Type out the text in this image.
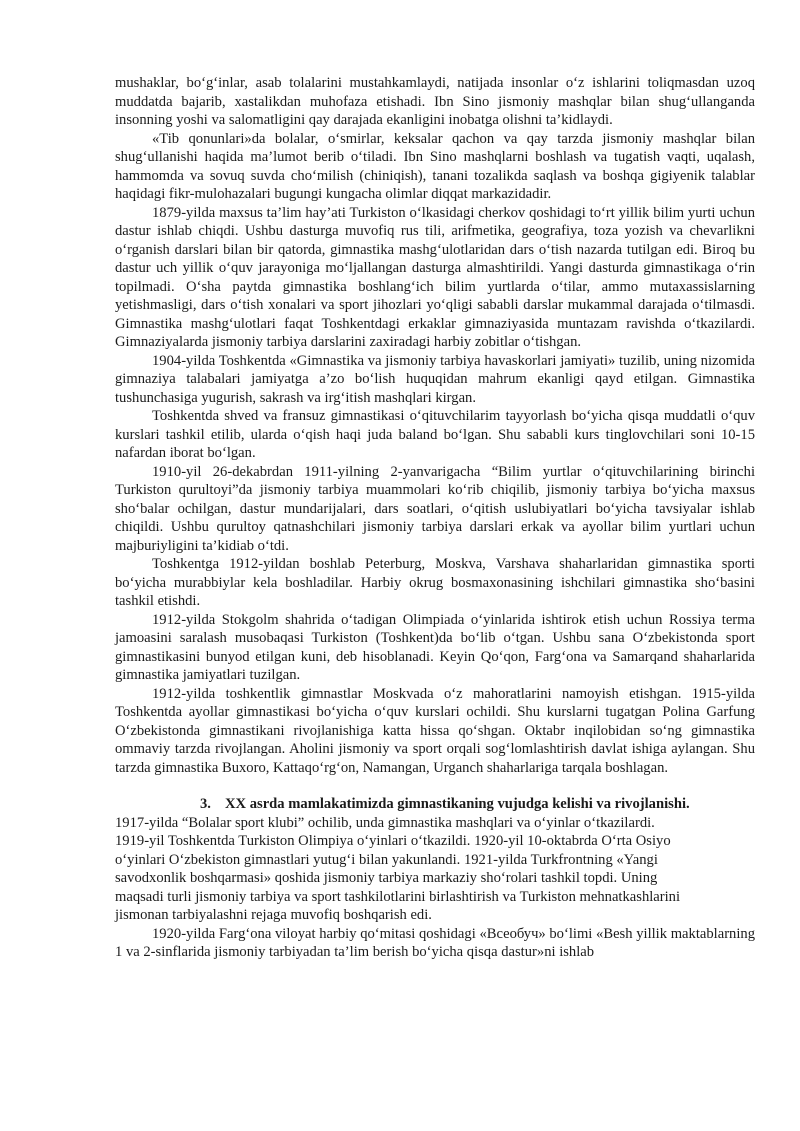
mushaklar, bo‘g‘inlar, asab tolalarini mustahkamlaydi, natijada insonlar o‘z ishlarini toliqmasdan uzoq muddatda bajarib, xastalikdan muhofaza etishadi. Ibn Sino jismoniy mashqlar bilan shug‘ullanganda insonning yoshi va salomatligini qay darajada ekanligini inobatga olishni ta’kidlaydi.

«Tib qonunlari»da bolalar, o‘smirlar, keksalar qachon va qay tarzda jismoniy mashqlar bilan shug‘ullanishi haqida ma’lumot berib o‘tiladi. Ibn Sino mashqlarni boshlash va tugatish vaqti, uqalash, hammomda va sovuq suvda cho‘milish (chiniqish), tanani tozalikda saqlash va boshqa gigiyenik talablar haqidagi fikr-mulohazalari bugungi kungacha olimlar diqqat markazidadir.

1879-yilda maxsus ta’lim hay’ati Turkiston o‘lkasidagi cherkov qoshidagi to‘rt yillik bilim yurti uchun dastur ishlab chiqdi. Ushbu dasturga muvofiq rus tili, arifmetika, geografiya, toza yozish va chevarlikni o‘rganish darslari bilan bir qatorda, gimnastika mashg‘ulotlaridan dars o‘tish nazarda tutilgan edi. Biroq bu dastur uch yillik o‘quv jarayoniga mo‘ljallangan dasturga almashtirildi. Yangi dasturda gimnastikaga o‘rin topilmadi. O‘sha paytda gimnastika boshlang‘ich bilim yurtlarda o‘tilar, ammo mutaxassislarning yetishmasligi, dars o‘tish xonalari va sport jihozlari yo‘qligi sababli darslar mukammal darajada o‘tilmasdi. Gimnastika mashg‘ulotlari faqat Toshkentdagi erkaklar gimnaziyasida muntazam ravishda o‘tkazilardi. Gimnaziyalarda jismoniy tarbiya darslarini zaxiradagi harbiy zobitlar o‘tishgan.

1904-yilda Toshkentda «Gimnastika va jismoniy tarbiya havaskorlari jamiyati» tuzilib, uning nizomida gimnaziya talabalari jamiyatga a’zo bo‘lish huquqidan mahrum ekanligi qayd etilgan. Gimnastika tushunchasiga yugurish, sakrash va irg‘itish mashqlari kirgan.

Toshkentda shved va fransuz gimnastikasi o‘qituvchilarim tayyorlash bo‘yicha qisqa muddatli o‘quv kurslari tashkil etilib, ularda o‘qish haqi juda baland bo‘lgan. Shu sababli kurs tinglovchilari soni 10-15 nafardan iborat bo‘lgan.

1910-yil 26-dekabrdan 1911-yilning 2-yanvarigacha “Bilim yurtlar o‘qituvchilarining birinchi Turkiston qurultoyi”da jismoniy tarbiya muammolari ko‘rib chiqilib, jismoniy tarbiya bo‘yicha maxsus sho‘balar ochilgan, dastur mundarijalari, dars soatlari, o‘qitish uslubiyatlari bo‘yicha tavsiyalar ishlab chiqildi. Ushbu qurultoy qatnashchilari jismoniy tarbiya darslari erkak va ayollar bilim yurtlari uchun majburiyligini ta’kidiab o‘tdi.

Toshkentga 1912-yildan boshlab Peterburg, Moskva, Varshava shaharlaridan gimnastika sporti bo‘yicha murabbiylar kela boshladilar. Harbiy okrug bosmaxonasining ishchilari gimnastika sho‘basini tashkil etishdi.

1912-yilda Stokgolm shahrida o‘tadigan Olimpiada o‘yinlarida ishtirok etish uchun Rossiya terma jamoasini saralash musobaqasi Turkiston (Toshkent)da bo‘lib o‘tgan. Ushbu sana O‘zbekistonda sport gimnastikasini bunyod etilgan kuni, deb hisoblanadi. Keyin Qo‘qon, Farg‘ona va Samarqand shaharlarida gimnastika jamiyatlari tuzilgan.

1912-yilda toshkentlik gimnastlar Moskvada o‘z mahoratlarini namoyish etishgan. 1915-yilda Toshkentda ayollar gimnastikasi bo‘yicha o‘quv kurslari ochildi. Shu kurslarni tugatgan Polina Garfung O‘zbekistonda gimnastikani rivojlanishiga katta hissa qo‘shgan. Oktabr inqilobidan so‘ng gimnastika ommaviy tarzda rivojlangan. Aholini jismoniy va sport orqali sog‘lomlashtirish davlat ishiga aylangan. Shu tarzda gimnastika Buxoro, Kattaqo‘rg‘on, Namangan, Urganch shaharlariga tarqala boshlagan.

3. XX asrda mamlakatimizda gimnastikaning vujudga kelishi va rivojlanishi.

1917-yilda “Bolalar sport klubi” ochilib, unda gimnastika mashqlari va o‘yinlar o‘tkazilardi.

1919-yil Toshkentda Turkiston Olimpiya o‘yinlari o‘tkazildi. 1920-yil 10-oktabrda O‘rta Osiyo

o‘yinlari O‘zbekiston gimnastlari yutug‘i bilan yakunlandi. 1921-yilda Turkfrontning «Yangi

savodxonlik boshqarmasi» qoshida jismoniy tarbiya markaziy sho‘rolari tashkil topdi. Uning

maqsadi turli jismoniy tarbiya va sport tashkilotlarini birlashtirish va Turkiston mehnatkashlarini

jismonan tarbiyalashni rejaga muvofiq boshqarish edi.

1920-yilda Farg‘ona viloyat harbiy qo‘mitasi qoshidagi «Всеобуч» bo‘limi «Besh yillik maktablarning 1 va 2-sinflarida jismoniy tarbiyadan ta’lim berish bo‘yicha qisqa dastur»ni ishlab
